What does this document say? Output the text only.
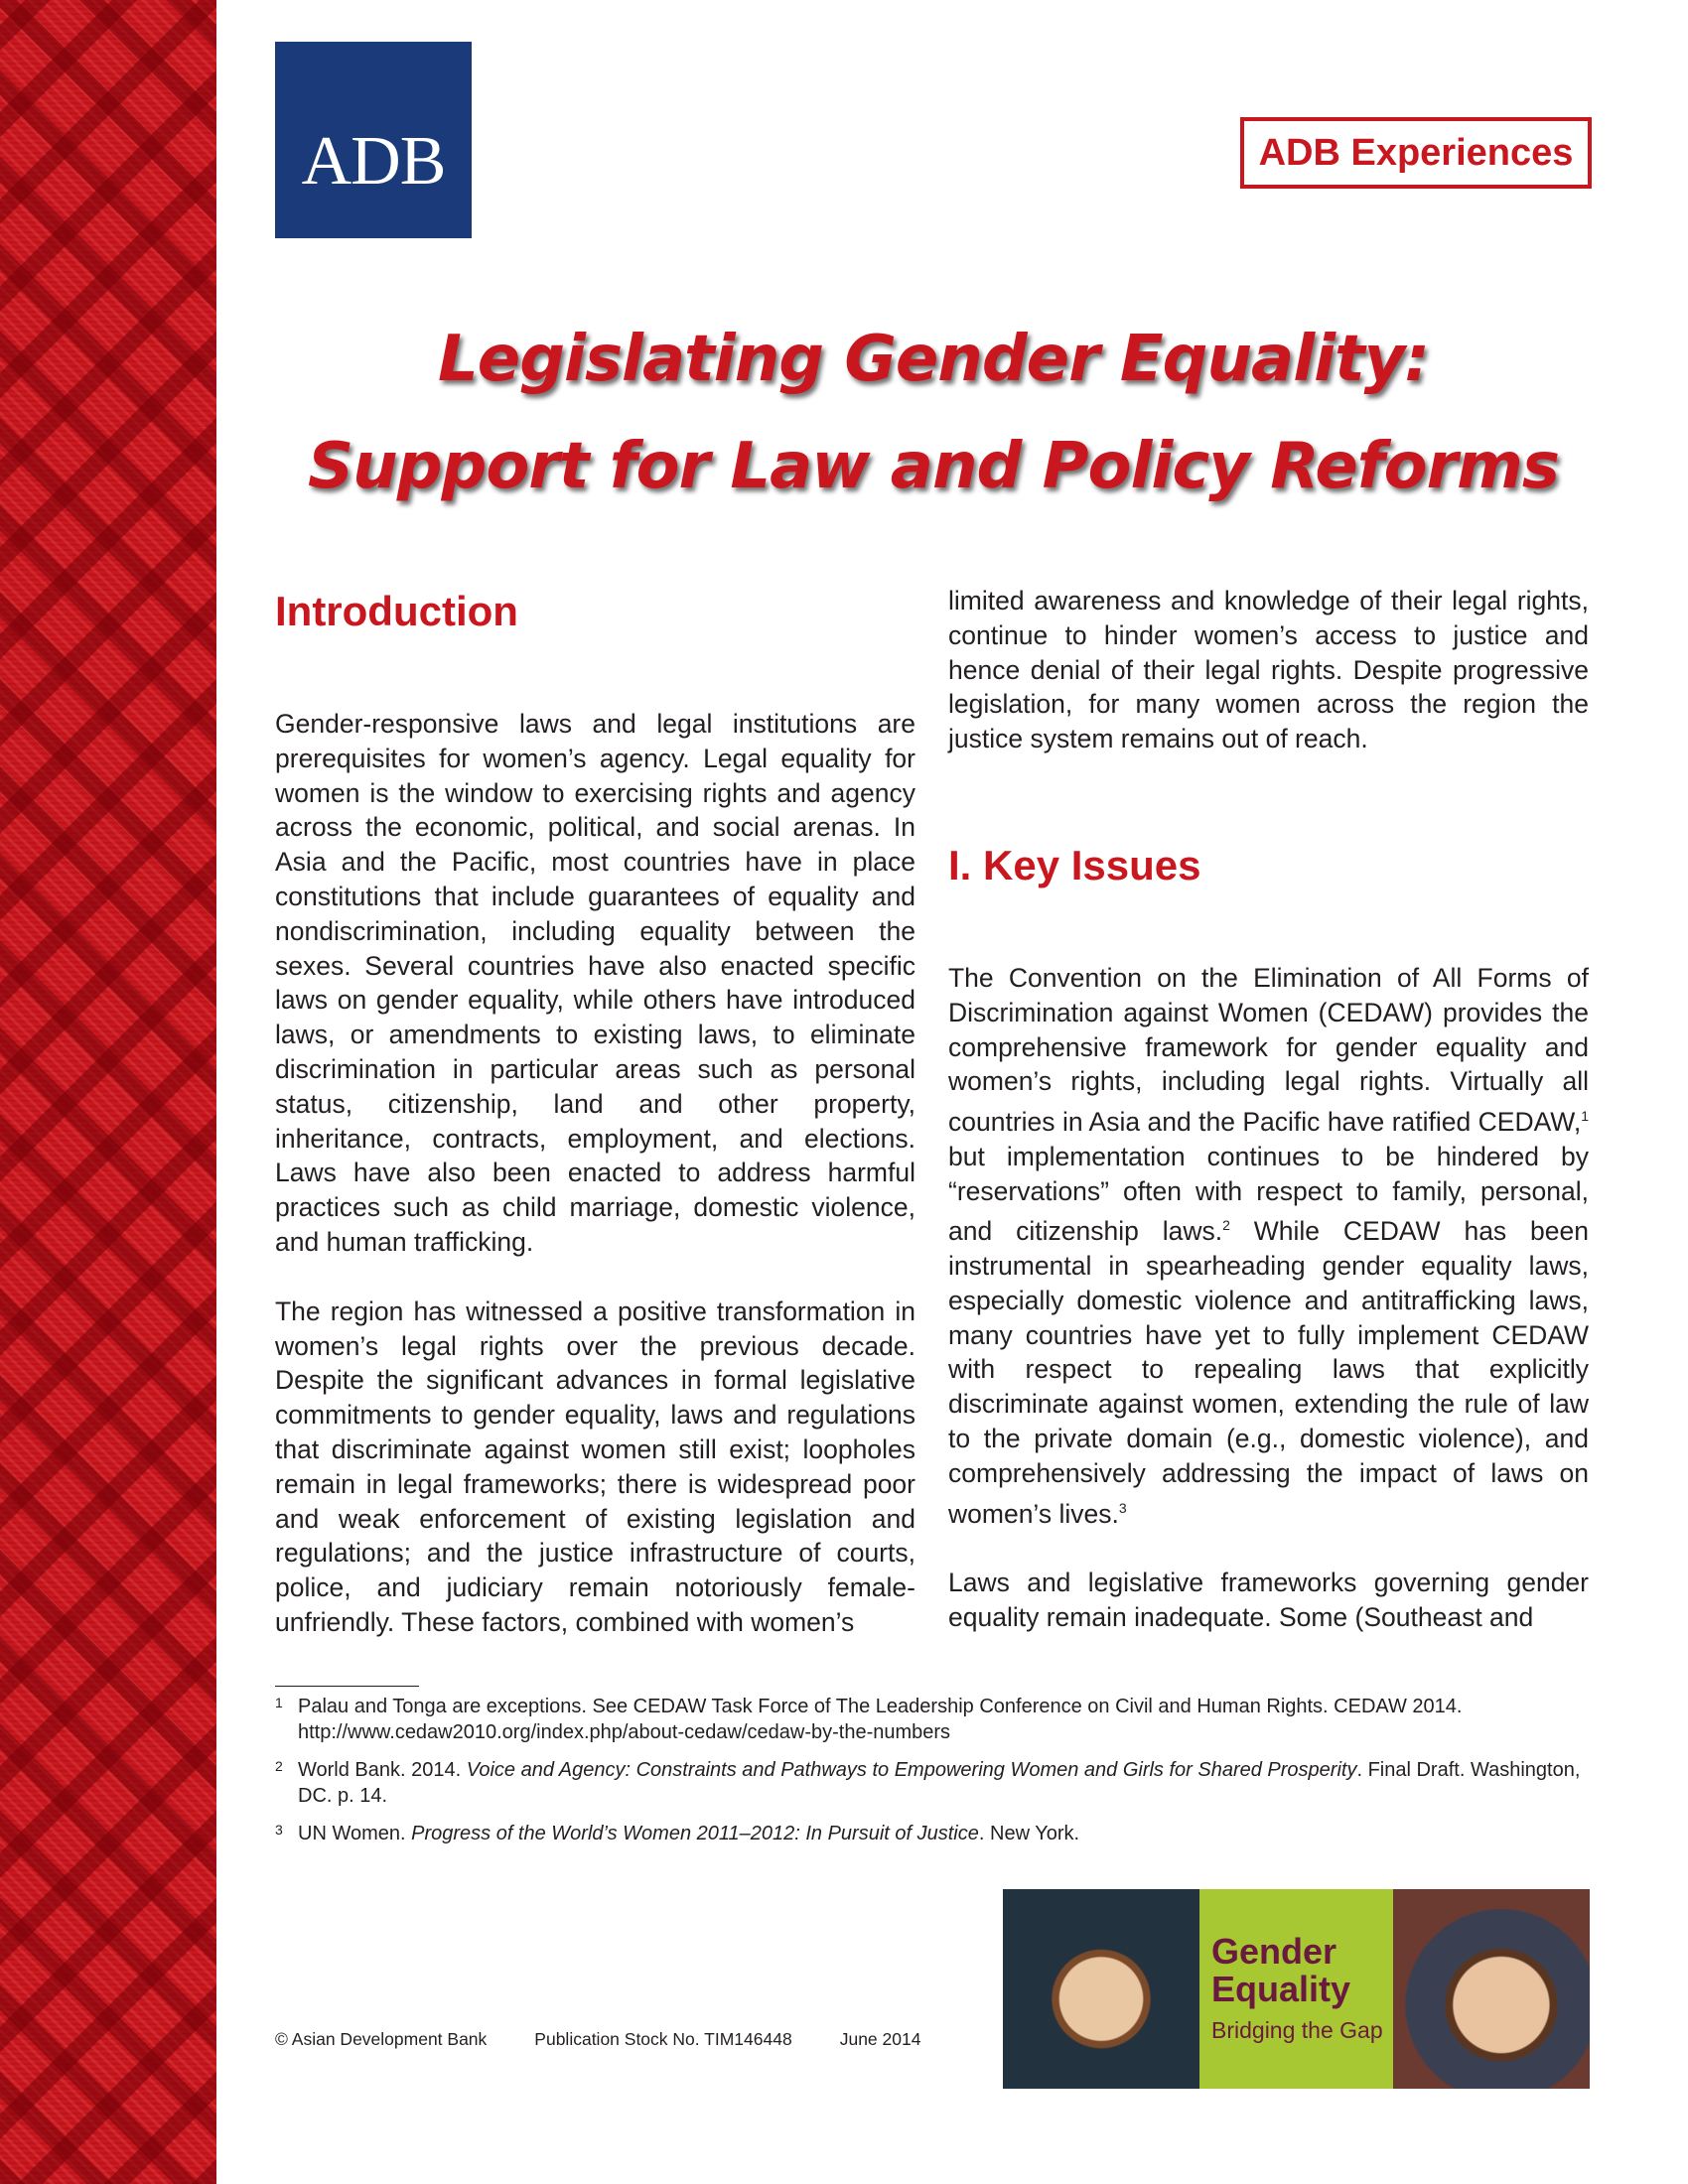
ADB	ADB Experiences
Legislating Gender Equality:
Support for Law and Policy Reforms
Introduction

Gender-responsive laws and legal institutions are prerequisites for women’s agency. Legal equality for women is the window to exercising rights and agency across the economic, political, and social arenas. In Asia and the Pacific, most countries have in place constitutions that include guarantees of equality and nondiscrimination, including equality between the sexes. Several countries have also enacted specific laws on gender equality, while others have introduced laws, or amendments to existing laws, to eliminate discrimination in particular areas such as personal status, citizenship, land and other property, inheritance, contracts, employment, and elections. Laws have also been enacted to address harmful practices such as child marriage, domestic violence, and human trafficking.

The region has witnessed a positive transformation in women’s legal rights over the previous decade. Despite the significant advances in formal legislative commitments to gender equality, laws and regulations that discriminate against women still exist; loopholes remain in legal frameworks; there is widespread poor and weak enforcement of existing legislation and regulations; and the justice infrastructure of courts, police, and judiciary remain notoriously female-unfriendly. These factors, combined with women’s

limited awareness and knowledge of their legal rights, continue to hinder women’s access to justice and hence denial of their legal rights. Despite progressive legislation, for many women across the region the justice system remains out of reach.

I. Key Issues

The Convention on the Elimination of All Forms of Discrimination against Women (CEDAW) provides the comprehensive framework for gender equality and women’s rights, including legal rights. Virtually all countries in Asia and the Pacific have ratified CEDAW,$^1$ but implementation continues to be hindered by “reservations” often with respect to family, personal, and citizenship laws.$^2$ While CEDAW has been instrumental in spearheading gender equality laws, especially domestic violence and antitrafficking laws, many countries have yet to fully implement CEDAW with respect to repealing laws that explicitly discriminate against women, extending the rule of law to the private domain (e.g., domestic violence), and comprehensively addressing the impact of laws on women’s lives.$^3$

Laws and legislative frameworks governing gender equality remain inadequate. Some (Southeast and

1 Palau and Tonga are exceptions. See CEDAW Task Force of The Leadership Conference on Civil and Human Rights. CEDAW 2014.
http://www.cedaw2010.org/index.php/about-cedaw/cedaw-by-the-numbers
2 World Bank. 2014. Voice and Agency: Constraints and Pathways to Empowering Women and Girls for Shared Prosperity. Final Draft. Washington, DC. p. 14.
3 UN Women. Progress of the World’s Women 2011–2012: In Pursuit of Justice. New York.
Gender
Equality
Bridging the Gap
© Asian Development Bank	Publication Stock No. TIM146448	June 2014
